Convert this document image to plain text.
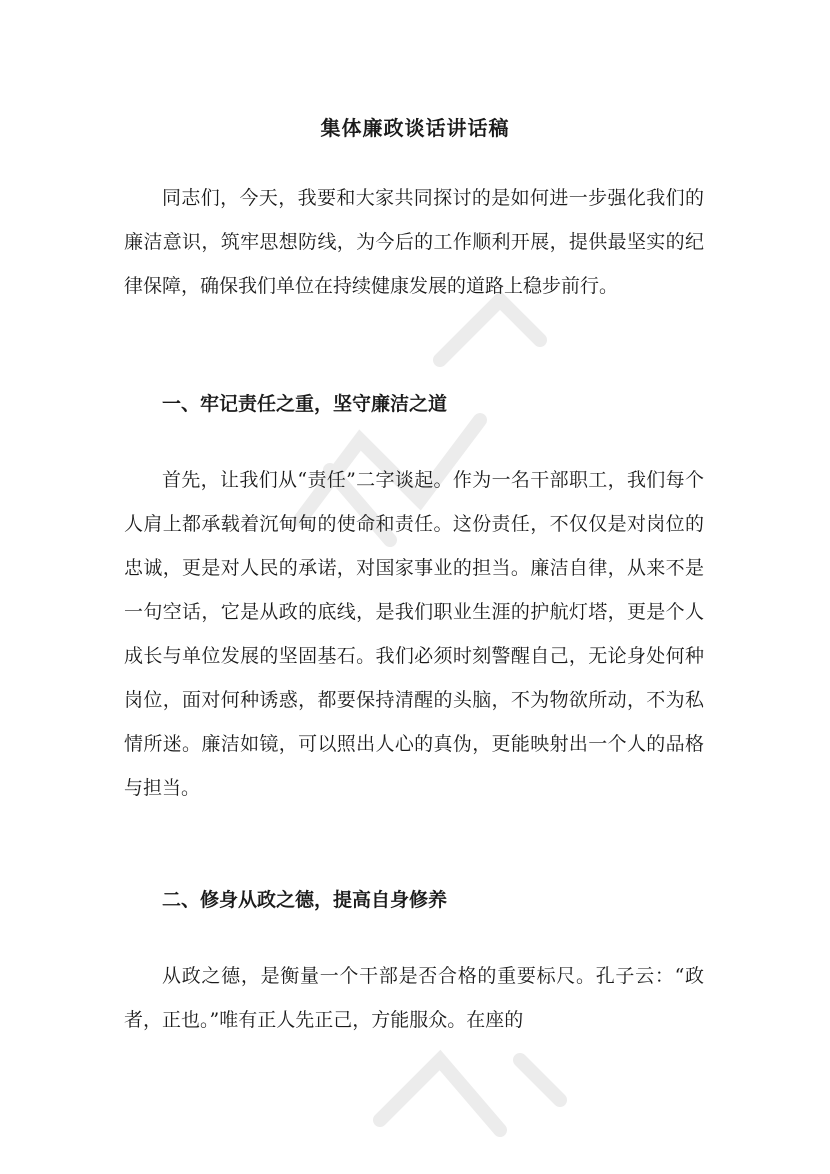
集体廉政谈话讲话稿

同志们，今天，我要和大家共同探讨的是如何进一步强化我们的廉洁意识，筑牢思想防线，为今后的工作顺利开展，提供最坚实的纪律保障，确保我们单位在持续健康发展的道路上稳步前行。

一、牢记责任之重，坚守廉洁之道

首先，让我们从“责任”二字谈起。作为一名干部职工，我们每个人肩上都承载着沉甸甸的使命和责任。这份责任，不仅仅是对岗位的忠诚，更是对人民的承诺，对国家事业的担当。廉洁自律，从来不是一句空话，它是从政的底线，是我们职业生涯的护航灯塔，更是个人成长与单位发展的坚固基石。我们必须时刻警醒自己，无论身处何种岗位，面对何种诱惑，都要保持清醒的头脑，不为物欲所动，不为私情所迷。廉洁如镜，可以照出人心的真伪，更能映射出一个人的品格与担当。

二、修身从政之德，提高自身修养

从政之德，是衡量一个干部是否合格的重要标尺。孔子云：“政者，正也。”唯有正人先正己，方能服众。在座的
